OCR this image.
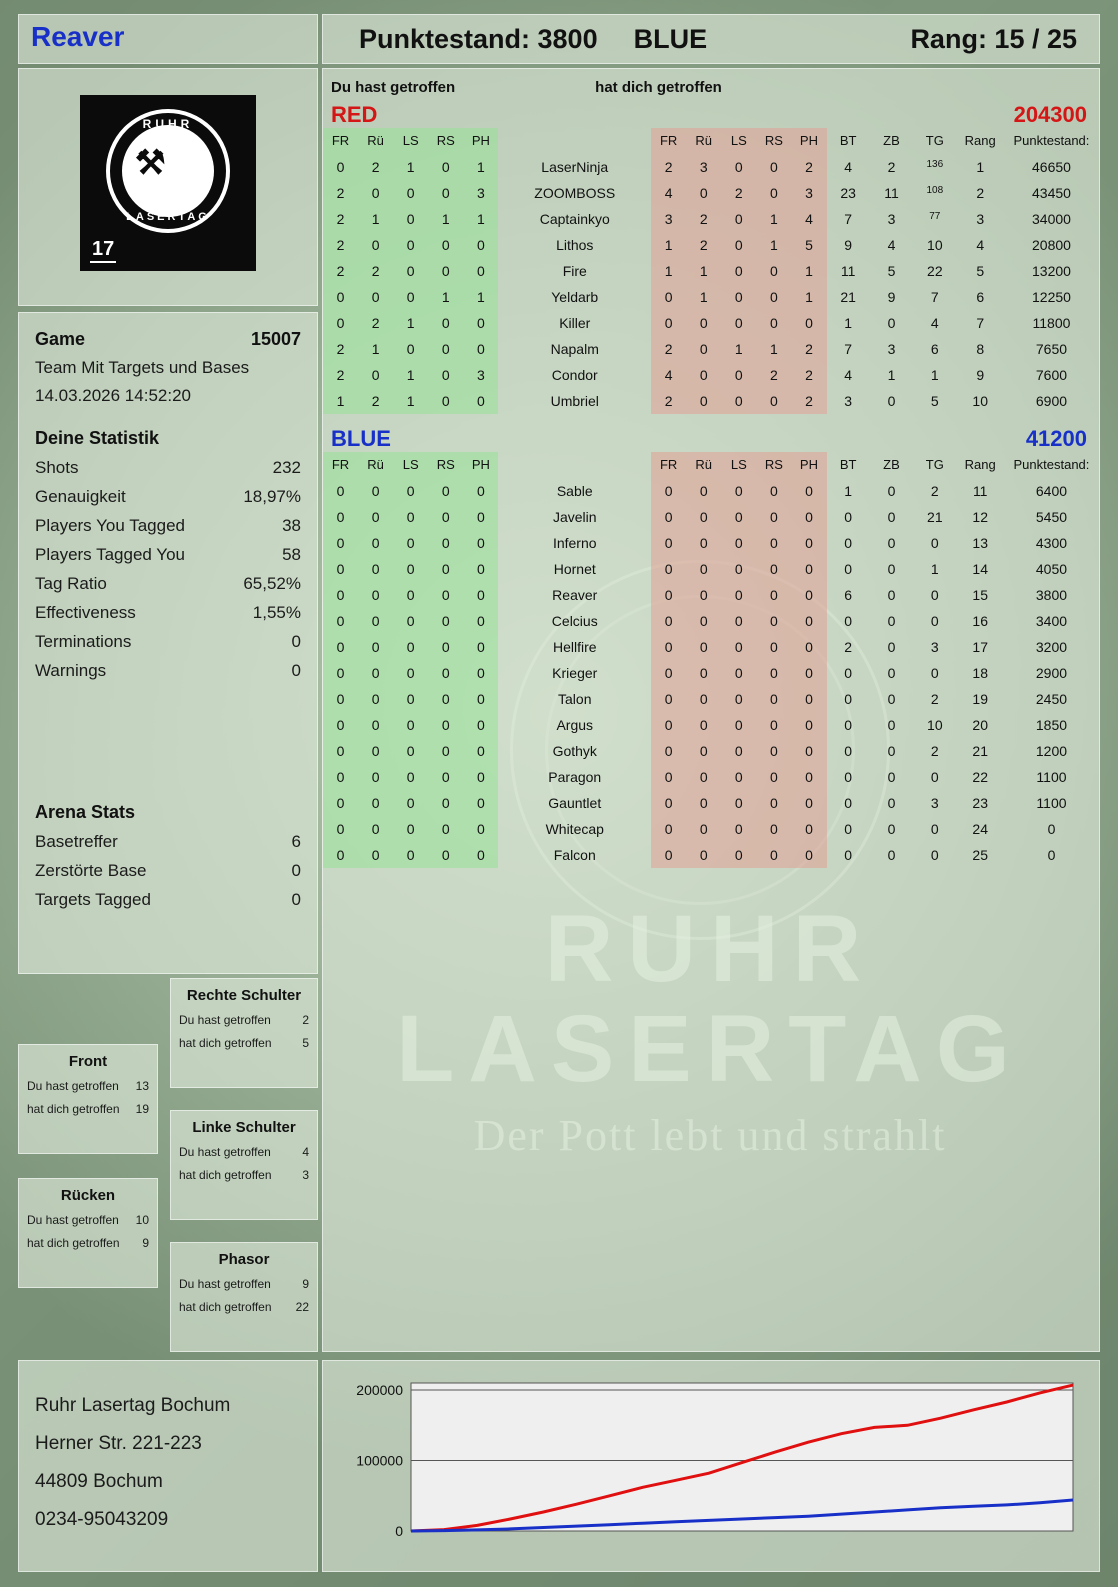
Reaver	Punktestand: 3800 BLUE	Rang: 15 / 25
⚒
RUHR
LASERTAG
17
Game	15007
Team Mit Targets und Bases
14.03.2026 14:52:20
Deine Statistik
Shots	232
Genauigkeit	18,97%
Players You Tagged	38
Players Tagged You	58
Tag Ratio	65,52%
Effectiveness	1,55%
Terminations	0
Warnings	0
Arena Stats
Basetreffer	6
Zerstörte Base	0
Targets Tagged	0
Rechte Schulter
Du hast getroffen	2
hat dich getroffen	5
Front
Du hast getroffen 13
hat dich getroffen 19
Linke Schulter
Du hast getroffen	4
hat dich getroffen	3
Rücken
Du hast getroffen 10
hat dich getroffen 9
Phasor
Du hast getroffen	9
hat dich getroffen 22
Ruhr Lasertag Bochum
Herner Str. 221-223
44809 Bochum
0234-95043209
Du hast getroffen	hat dich getroffen
RED	204300
FR	Rü	LS	RS	PH		FR	Rü	LS	RS	PH	BT	ZB	TG	Rang	Punktestand:
0	2	1	0	1	LaserNinja	2	3	0	0	2	4	2	$^{136}$	1	46650
2	0	0	0	3	ZOOMBOSS	4	0	2	0	3	23	11	$^{108}$	2	43450
2	1	0	1	1	Captainkyo	3	2	0	1	4	7	3	$^{77}$	3	34000
2	0	0	0	0	Lithos	1	2	0	1	5	9	4	10	4	20800
2	2	0	0	0	Fire	1	1	0	0	1	11	5	22	5	13200
0	0	0	1	1	Yeldarb	0	1	0	0	1	21	9	7	6	12250
0	2	1	0	0	Killer	0	0	0	0	0	1	0	4	7	11800
2	1	0	0	0	Napalm	2	0	1	1	2	7	3	6	8	7650
2	0	1	0	3	Condor	4	0	0	2	2	4	1	1	9	7600
1	2	1	0	0	Umbriel	2	0	0	0	2	3	0	5	10	6900
BLUE	41200
FR	Rü	LS	RS	PH		FR	Rü	LS	RS	PH	BT	ZB	TG	Rang	Punktestand:
0	0	0	0	0	Sable	0	0	0	0	0	1	0	2	11	6400
0	0	0	0	0	Javelin	0	0	0	0	0	0	0	21	12	5450
0	0	0	0	0	Inferno	0	0	0	0	0	0	0	0	13	4300
0	0	0	0	0	Hornet	0	0	0	0	0	0	0	1	14	4050
0	0	0	0	0	Reaver	0	0	0	0	0	6	0	0	15	3800
0	0	0	0	0	Celcius	0	0	0	0	0	0	0	0	16	3400
0	0	0	0	0	Hellfire	0	0	0	0	0	2	0	3	17	3200
0	0	0	0	0	Krieger	0	0	0	0	0	0	0	0	18	2900
0	0	0	0	0	Talon	0	0	0	0	0	0	0	2	19	2450
0	0	0	0	0	Argus	0	0	0	0	0	0	0	10	20	1850
0	0	0	0	0	Gothyk	0	0	0	0	0	0	0	2	21	1200
0	0	0	0	0	Paragon	0	0	0	0	0	0	0	0	22	1100
0	0	0	0	0	Gauntlet	0	0	0	0	0	0	0	3	23	1100
0	0	0	0	0	Whitecap	0	0	0	0	0	0	0	0	24	0
0	0	0	0	0	Falcon	0	0	0	0	0	0	0	0	25	0
0
100000
200000
